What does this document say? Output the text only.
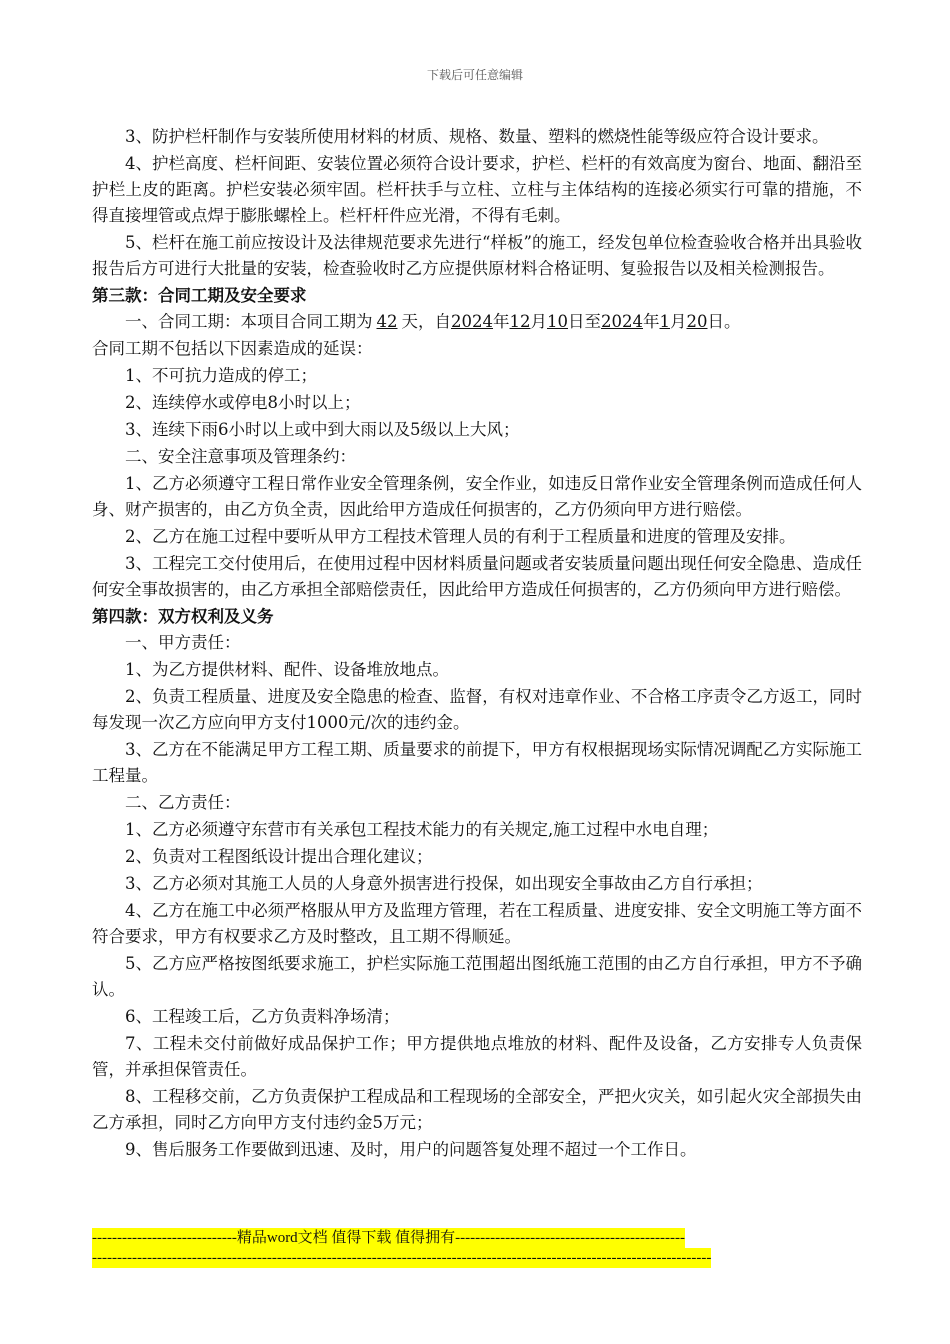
下载后可任意编辑

3、防护栏杆制作与安装所使用材料的材质、规格、数量、塑料的燃烧性能等级应符合设计要求。

4、护栏高度、栏杆间距、安装位置必须符合设计要求，护栏、栏杆的有效高度为窗台、地面、翻沿至护栏上皮的距离。护栏安装必须牢固。栏杆扶手与立柱、立柱与主体结构的连接必须实行可靠的措施，不得直接埋管或点焊于膨胀螺栓上。栏杆杆件应光滑，不得有毛刺。

5、栏杆在施工前应按设计及法律规范要求先进行“样板”的施工，经发包单位检查验收合格并出具验收报告后方可进行大批量的安装，检查验收时乙方应提供原材料合格证明、复验报告以及相关检测报告。

第三款：合同工期及安全要求

一、合同工期：本项目合同工期为 42 天，自2024年12月10日至2024年1月20日。

合同工期不包括以下因素造成的延误：

1、不可抗力造成的停工；

2、连续停水或停电8小时以上；

3、连续下雨6小时以上或中到大雨以及5级以上大风；

二、安全注意事项及管理条约：

1、乙方必须遵守工程日常作业安全管理条例，安全作业，如违反日常作业安全管理条例而造成任何人身、财产损害的，由乙方负全责，因此给甲方造成任何损害的，乙方仍须向甲方进行赔偿。

2、乙方在施工过程中要听从甲方工程技术管理人员的有利于工程质量和进度的管理及安排。

3、工程完工交付使用后，在使用过程中因材料质量问题或者安装质量问题出现任何安全隐患、造成任何安全事故损害的，由乙方承担全部赔偿责任，因此给甲方造成任何损害的，乙方仍须向甲方进行赔偿。

第四款：双方权利及义务

一、甲方责任：

1、为乙方提供材料、配件、设备堆放地点。

2、负责工程质量、进度及安全隐患的检查、监督，有权对违章作业、不合格工序责令乙方返工，同时每发现一次乙方应向甲方支付1000元/次的违约金。

3、乙方在不能满足甲方工程工期、质量要求的前提下，甲方有权根据现场实际情况调配乙方实际施工工程量。

二、乙方责任：

1、乙方必须遵守东营市有关承包工程技术能力的有关规定,施工过程中水电自理；

2、负责对工程图纸设计提出合理化建议；

3、乙方必须对其施工人员的人身意外损害进行投保，如出现安全事故由乙方自行承担；

4、乙方在施工中必须严格服从甲方及监理方管理，若在工程质量、进度安排、安全文明施工等方面不符合要求，甲方有权要求乙方及时整改，且工期不得顺延。

5、乙方应严格按图纸要求施工，护栏实际施工范围超出图纸施工范围的由乙方自行承担，甲方不予确认。

6、工程竣工后，乙方负责料净场清；

7、工程未交付前做好成品保护工作；甲方提供地点堆放的材料、配件及设备，乙方安排专人负责保管，并承担保管责任。

8、工程移交前，乙方负责保护工程成品和工程现场的全部安全，严把火灾关，如引起火灾全部损失由乙方承担，同时乙方向甲方支付违约金5万元；

9、售后服务工作要做到迅速、及时，用户的问题答复处理不超过一个工作日。

-----------------------------精品word文档 值得下载 值得拥有----------------------------------------------
----------------------------------------------------------------------------------------------------------------------------
